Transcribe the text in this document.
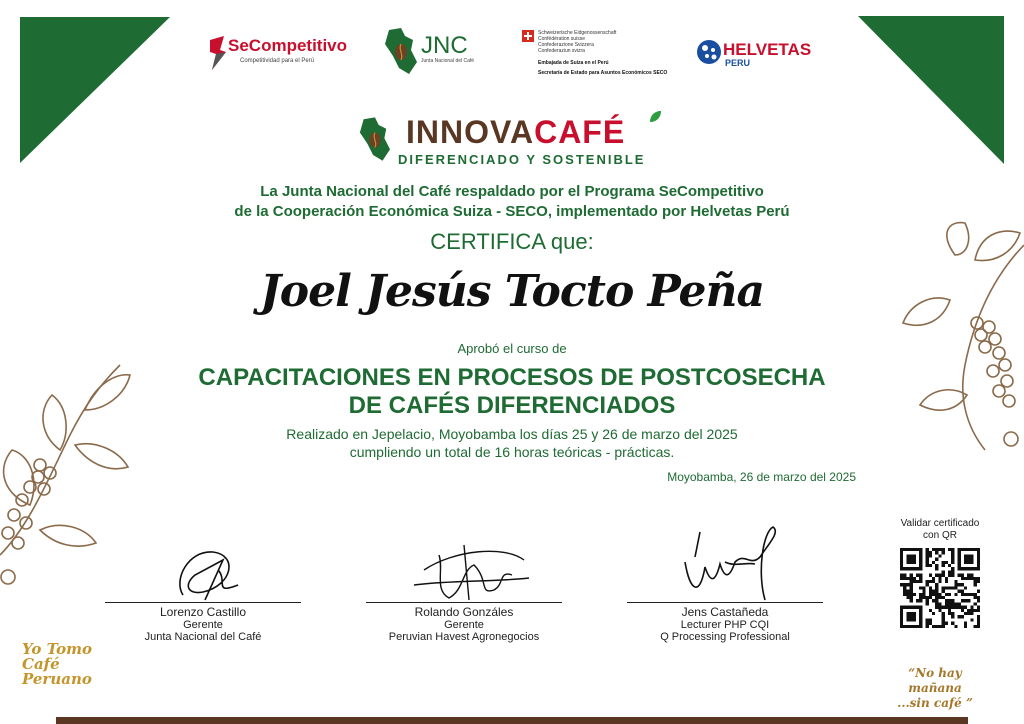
SeCompetitivo
Competitividad para el Perú
JNC
Junta Nacional del Café
Schweizerische Eidgenossenschaft
Confédération suisse
Confederazione Svizzera
Confederaziun svizra
Embajada de Suiza en el Perú
Secretaría de Estado para Asuntos Económicos SECO
HELVETAS
PERU
INNOVACAFÉ
DIFERENCIADO Y SOSTENIBLE
La Junta Nacional del Café respaldado por el Programa SeCompetitivo
de la Cooperación Económica Suiza - SECO, implementado por Helvetas Perú
CERTIFICA que:
Joel Jesús Tocto Peña
Aprobó el curso de
CAPACITACIONES EN PROCESOS DE POSTCOSECHA
DE CAFÉS DIFERENCIADOS
Realizado en Jepelacio, Moyobamba los días 25 y 26 de marzo del 2025
cumpliendo un total de 16 horas teóricas - prácticas.
Moyobamba, 26 de marzo del 2025
Lorenzo Castillo
Gerente
Junta Nacional del Café
Rolando Gonzáles
Gerente
Peruvian Havest Agronegocios
Jens Castañeda
Lecturer PHP CQI
Q Processing Professional
Validar certificado
con QR
Yo Tomo
Café
Peruano	“No hay mañana
...sin café ”
